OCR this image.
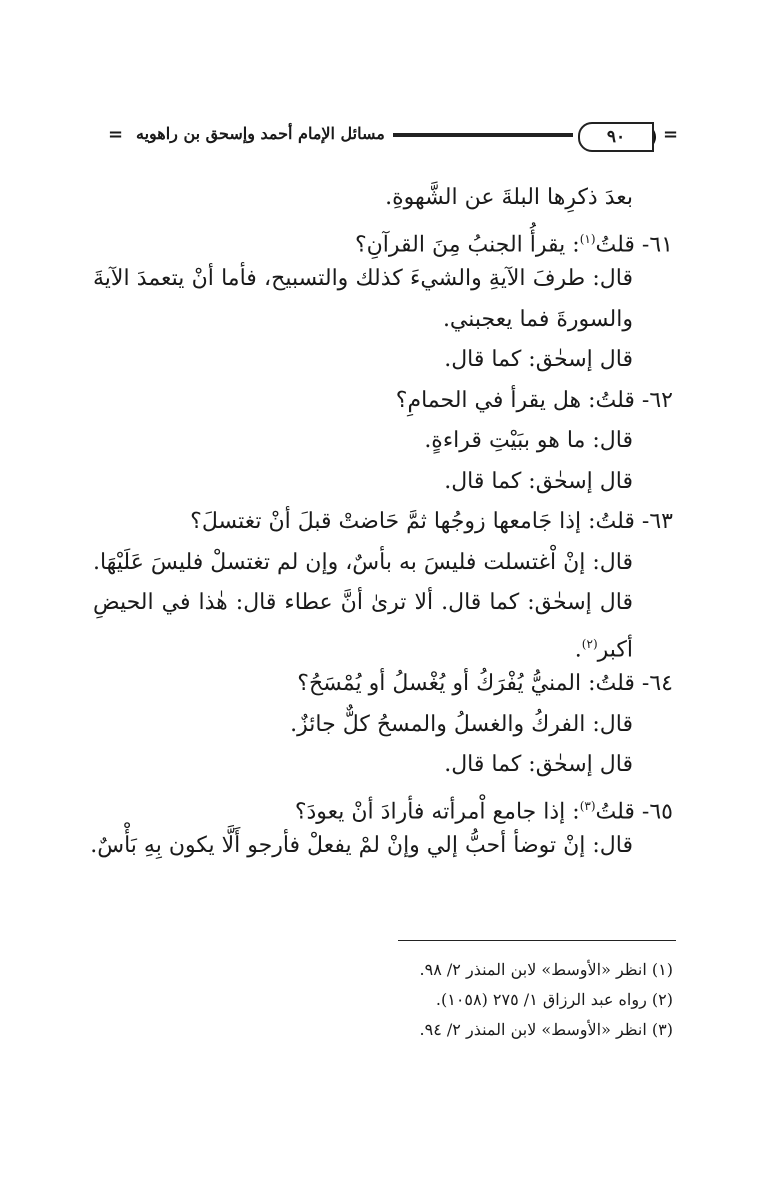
= مسائل الإمام أحمد وإسحق بن راهويه	٩٠	=
بعدَ ذكرِها البلةَ عن الشَّهوةِ.
٦١- قلتُ$^{(١)}$: يقرأُ الجنبُ مِنَ القرآنِ؟
قال: طرفَ الآيةِ والشيءَ كذلك والتسبيح، فأما أنْ يتعمدَ الآيةَ
والسورةَ فما يعجبني.
قال إسحٰق: كما قال.
٦٢- قلتُ: هل يقرأ في الحمامِ؟
قال: ما هو ببَيْتِ قراءةٍ.
قال إسحٰق: كما قال.
٦٣- قلتُ: إذا جَامعها زوجُها ثمَّ حَاضتْ قبلَ أنْ تغتسلَ؟
قال: إنْ اْغتسلت فليسَ به بأسٌ، وإن لم تغتسلْ فليسَ عَلَيْهَا.
قال إسحٰق: كما قال. ألا ترىٰ أنَّ عطاء قال: هٰذا في الحيضِ
أكبر$^{(٢)}$.
٦٤- قلتُ: المنيُّ يُفْرَكُ أو يُغْسلُ أو يُمْسَحُ؟
قال: الفركُ والغسلُ والمسحُ كلٌّ جائزٌ.
قال إسحٰق: كما قال.
٦٥- قلتُ$^{(٣)}$: إذا جامع اْمرأته فأرادَ أنْ يعودَ؟
قال: إنْ توضأ أحبُّ إلي وإنْ لمْ يفعلْ فأرجو أَلَّا يكون بِهِ بَأْسٌ.
(١) انظر «الأوسط» لابن المنذر ٢/ ٩٨.
(٢) رواه عبد الرزاق ١/ ٢٧٥ (١٠٥٨).
(٣) انظر «الأوسط» لابن المنذر ٢/ ٩٤.
